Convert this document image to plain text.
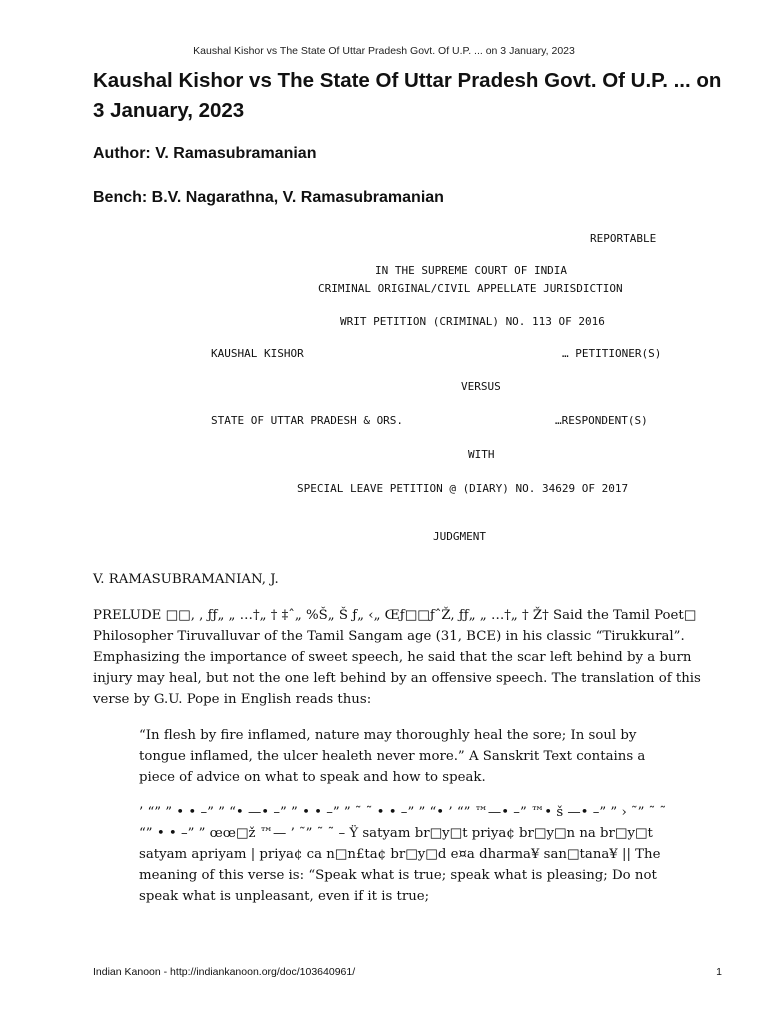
Kaushal Kishor vs The State Of Uttar Pradesh Govt. Of U.P. ... on 3 January, 2023
Kaushal Kishor vs The State Of Uttar Pradesh Govt. Of U.P. ... on 3 January, 2023

Author: V. Ramasubramanian

Bench: B.V. Nagarathna, V. Ramasubramanian

REPORTABLE

IN THE SUPREME COURT OF INDIA

CRIMINAL ORIGINAL/CIVIL APPELLATE JURISDICTION

WRIT PETITION (CRIMINAL) NO. 113 OF 2016

KAUSHAL KISHOR	… PETITIONER(S)

VERSUS

STATE OF UTTAR PRADESH & ORS.	…RESPONDENT(S)

WITH

SPECIAL LEAVE PETITION @ (DIARY) NO. 34629 OF 2017

JUDGMENT

V. RAMASUBRAMANIAN, J.

PRELUDE □□, , ƒƒ„ „ …†„ † ‡ˆ„ %Š„ Š ƒ„ ‹„ Œƒ□□ƒˆŽ, ƒƒ„ „ …†„ † Ž† Said the Tamil Poet□ Philosopher Tiruvalluvar of the Tamil Sangam age (31, BCE) in his classic “Tirukkural”. Emphasizing the importance of sweet speech, he said that the scar left behind by a burn injury may heal, but not the one left behind by an offensive speech. The translation of this verse by G.U. Pope in English reads thus:

“In flesh by fire inflamed, nature may thoroughly heal the sore; In soul by tongue inflamed, the ulcer healeth never more.” A Sanskrit Text contains a piece of advice on what to speak and how to speak.

’ “” ” • • –” ” “• —• –” ” • • –” ” ˜ ˜ • • –” ” “• ’ “” ™—• –” ™• š —• –” ” › ˜” ˜ ˜ “” • • –” ” œœ□ž ™— ’ ˜” ˜ ˜ – Ÿ satyam br□y□t priya¢ br□y□n na br□y□t satyam apriyam | priya¢ ca n□n£ta¢ br□y□d e¤a dharma¥ san□tana¥ || The meaning of this verse is: “Speak what is true; speak what is pleasing; Do not speak what is unpleasant, even if it is true;

Indian Kanoon - http://indiankanoon.org/doc/103640961/	1
